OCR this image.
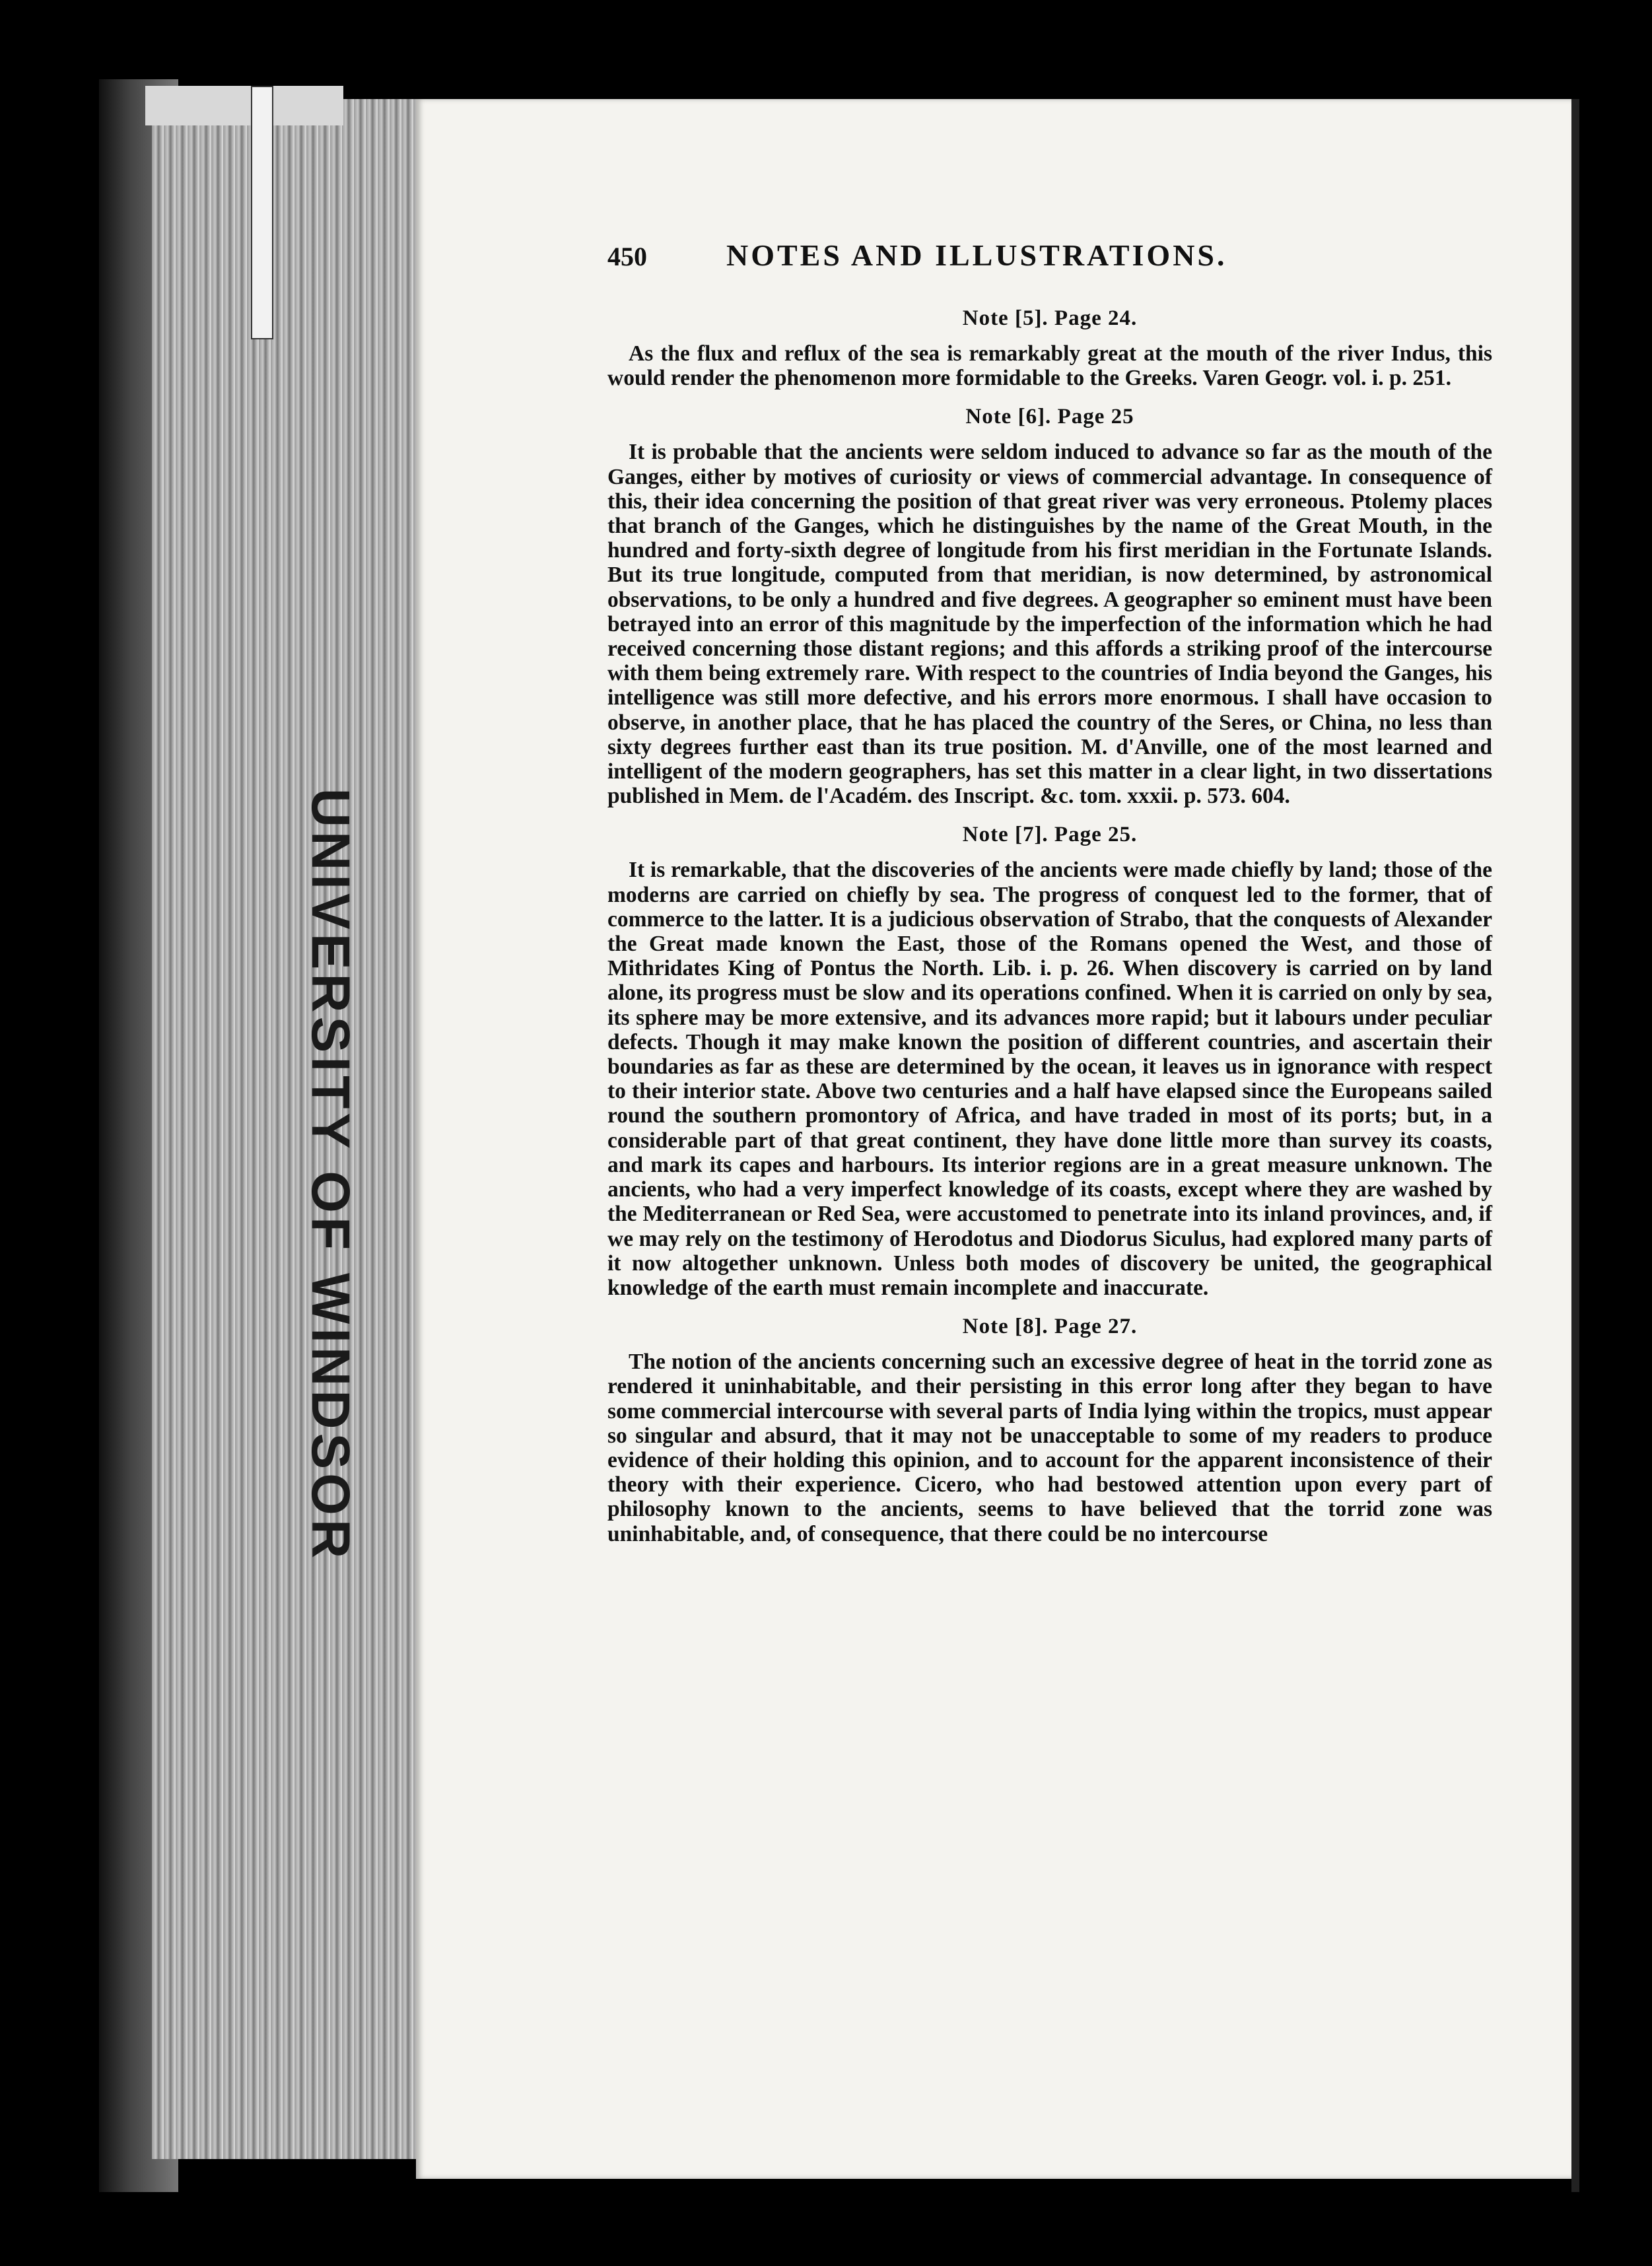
UNIVERSITY OF WINDSOR
450	NOTES AND ILLUSTRATIONS.
Note [5]. Page 24.

As the flux and reflux of the sea is remarkably great at the mouth of the river Indus, this would render the phenomenon more formidable to the Greeks. Varen Geogr. vol. i. p. 251.

Note [6]. Page 25

It is probable that the ancients were seldom induced to advance so far as the mouth of the Ganges, either by motives of curiosity or views of commercial advantage. In consequence of this, their idea concerning the position of that great river was very erroneous. Ptolemy places that branch of the Ganges, which he distinguishes by the name of the Great Mouth, in the hundred and forty-sixth degree of longitude from his first meridian in the Fortunate Islands. But its true longitude, computed from that meridian, is now determined, by astronomical observations, to be only a hundred and five degrees. A geographer so eminent must have been betrayed into an error of this magnitude by the imperfection of the information which he had received concerning those distant regions; and this affords a striking proof of the intercourse with them being extremely rare. With respect to the countries of India beyond the Ganges, his intelligence was still more defective, and his errors more enormous. I shall have occasion to observe, in another place, that he has placed the country of the Seres, or China, no less than sixty degrees further east than its true position. M. d'Anville, one of the most learned and intelligent of the modern geographers, has set this matter in a clear light, in two dissertations published in Mem. de l'Académ. des Inscript. &c. tom. xxxii. p. 573. 604.

Note [7]. Page 25.

It is remarkable, that the discoveries of the ancients were made chiefly by land; those of the moderns are carried on chiefly by sea. The progress of conquest led to the former, that of commerce to the latter. It is a judicious observation of Strabo, that the conquests of Alexander the Great made known the East, those of the Romans opened the West, and those of Mithridates King of Pontus the North. Lib. i. p. 26. When discovery is carried on by land alone, its progress must be slow and its operations confined. When it is carried on only by sea, its sphere may be more extensive, and its advances more rapid; but it labours under peculiar defects. Though it may make known the position of different countries, and ascertain their boundaries as far as these are determined by the ocean, it leaves us in ignorance with respect to their interior state. Above two centuries and a half have elapsed since the Europeans sailed round the southern promontory of Africa, and have traded in most of its ports; but, in a considerable part of that great continent, they have done little more than survey its coasts, and mark its capes and harbours. Its interior regions are in a great measure unknown. The ancients, who had a very imperfect knowledge of its coasts, except where they are washed by the Mediterranean or Red Sea, were accustomed to penetrate into its inland provinces, and, if we may rely on the testimony of Herodotus and Diodorus Siculus, had explored many parts of it now altogether unknown. Unless both modes of discovery be united, the geographical knowledge of the earth must remain incomplete and inaccurate.

Note [8]. Page 27.

The notion of the ancients concerning such an excessive degree of heat in the torrid zone as rendered it uninhabitable, and their persisting in this error long after they began to have some commercial intercourse with several parts of India lying within the tropics, must appear so singular and absurd, that it may not be unacceptable to some of my readers to produce evidence of their holding this opinion, and to account for the apparent inconsistence of their theory with their experience. Cicero, who had bestowed attention upon every part of philosophy known to the ancients, seems to have believed that the torrid zone was uninhabitable, and, of consequence, that there could be no intercourse
